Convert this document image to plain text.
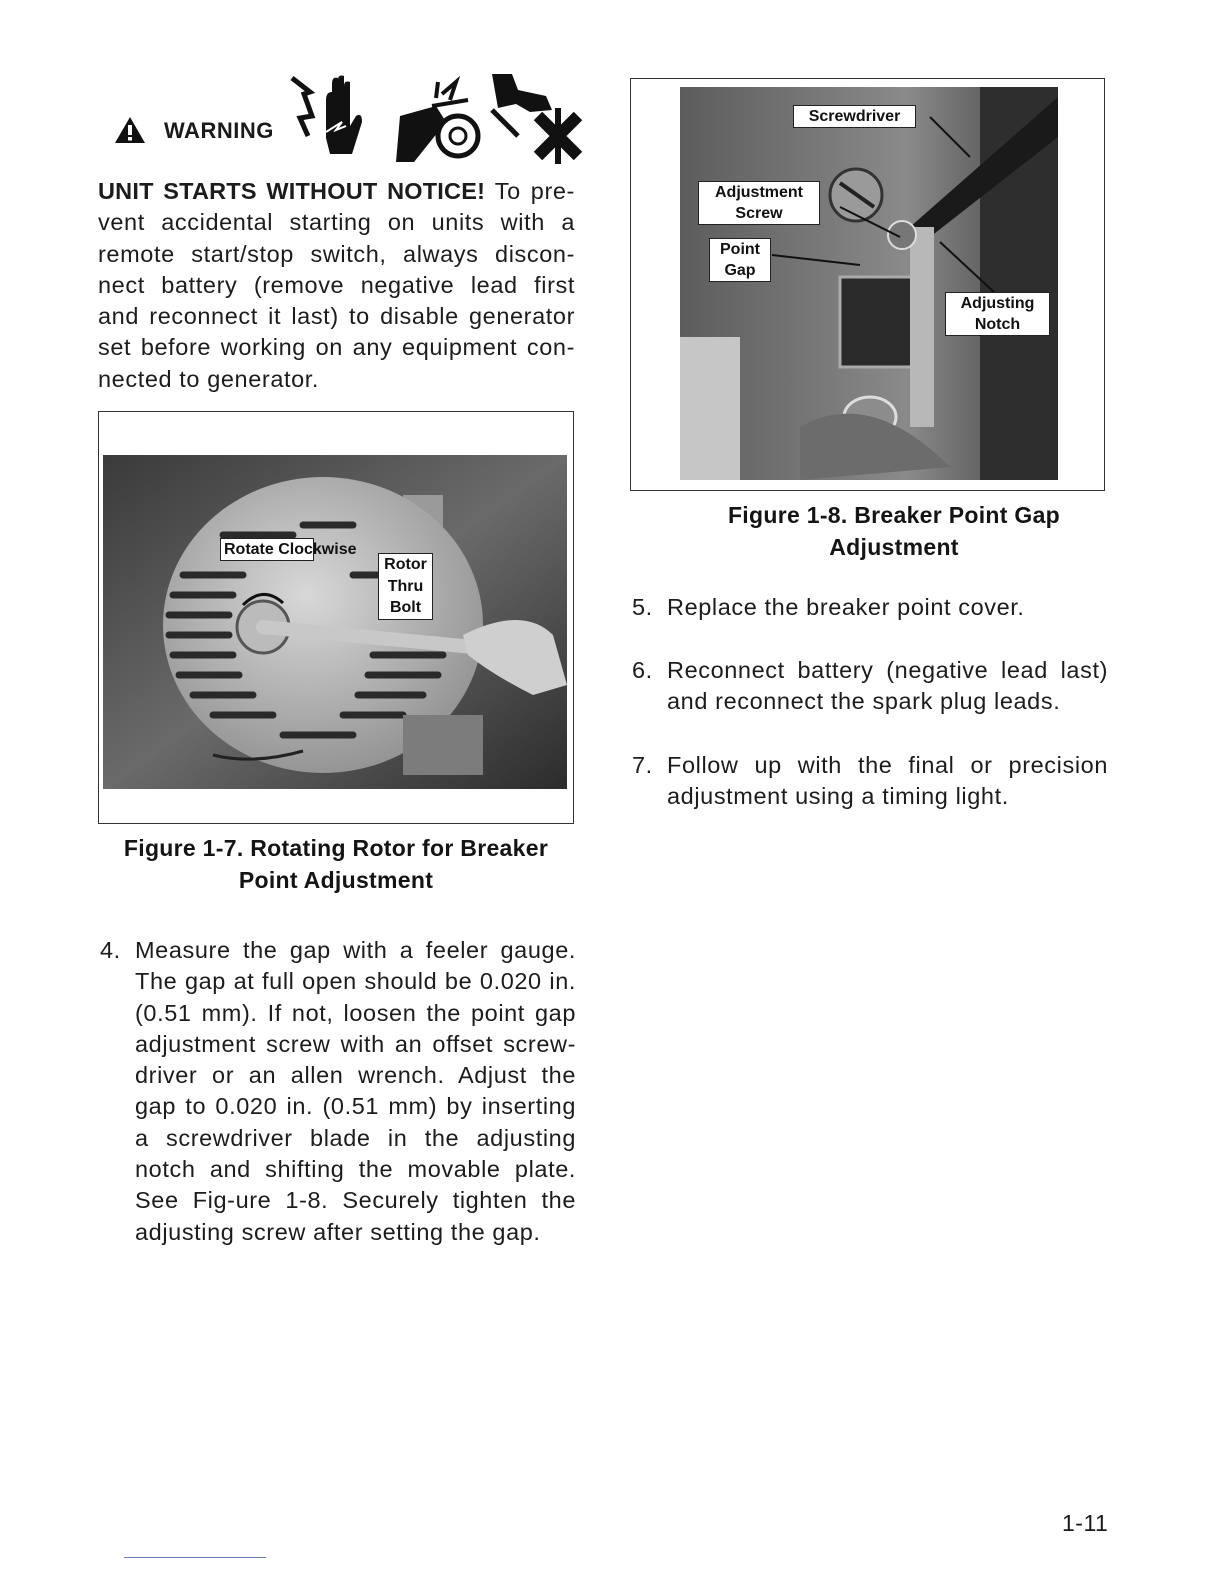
WARNING
UNIT STARTS WITHOUT NOTICE! To pre-vent accidental starting on units with a remote start/stop switch, always discon-nect battery (remove negative lead first and reconnect it last) to disable generator set before working on any equipment con-nected to generator.
Rotate Clockwise
Rotor Thru Bolt
Figure 1-7. Rotating Rotor for Breaker Point Adjustment
4. Measure the gap with a feeler gauge. The gap at full open should be 0.020 in. (0.51 mm). If not, loosen the point gap adjustment screw with an offset screw-driver or an allen wrench. Adjust the gap to 0.020 in. (0.51 mm) by inserting a screwdriver blade in the adjusting notch and shifting the movable plate. See Fig-ure 1-8. Securely tighten the adjusting screw after setting the gap.
Screwdriver
Adjustment Screw
Point Gap
Adjusting Notch
Figure 1-8. Breaker Point Gap Adjustment
5. Replace the breaker point cover.
6. Reconnect battery (negative lead last) and reconnect the spark plug leads.
7. Follow up with the final or precision adjustment using a timing light.
1-11
